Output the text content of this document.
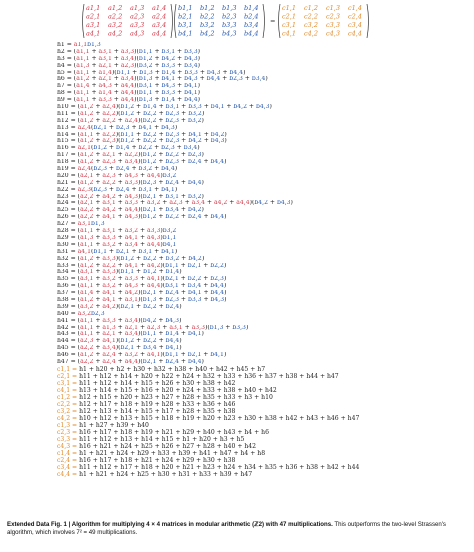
a1,1 a1,2 a1,3 a1,4
a2,1 a2,2 a2,3 a2,4
a3,1 a3,2 a3,3 a3,4
a4,1 a4,2 a4,3 a4,4
b1,1 b1,2 b1,3 b1,4
b2,1 b2,2 b2,3 b2,4
b3,1 b3,2 b3,3 b3,4
b4,1 b4,2 b4,3 b4,4
c1,1 c1,2 c1,3 c1,4
c2,1 c2,2 c2,3 c2,4
c3,1 c3,2 c3,3 c3,4
c4,1 c4,2 c4,3 c4,4
=
h1 = a1,1b1,3
h2 = (a1,1 + a3,1 + a3,3)(b1,1 + b3,1 + b3,3)
h3 = (a1,1 + a3,1 + a3,4)(b1,2 + b4,2 + b4,3)
h4 = (a1,3 + a2,1 + a2,3)(b3,2 + b3,3 + b3,4)
h5 = (a1,1 + a1,4)(b1,1 + b1,3 + b1,4 + b3,3 + b4,3 + b4,4)
h6 = (a1,2 + a2,1 + a3,4)(b1,3 + b4,1 + b4,3 + b4,4 + b2,3 + b3,4)
h7 = (a1,4 + a4,3 + a4,4)(b3,1 + b4,3 + b4,1)
h8 = (a1,1 + a1,4 + a4,4)(b1,1 + b3,3 + b4,1)
h9 = (a1,1 + a3,3 + a4,4)(b1,3 + b1,4 + b4,4)
h10 = (a1,2 + a2,4)(b1,2 + b1,4 + b3,1 + b3,3 + b4,1 + b4,2 + b4,3)
h11 = (a1,2 + a2,2)(b1,2 + b2,2 + b2,3 + b3,2)
h12 = (a1,2 + a2,2 + a2,4)(b2,2 + b2,3 + b3,2)
h13 = a2,4(b2,1 + b2,3 + b4,1 + b4,3)
h14 = (a1,1 + a2,2)(b1,1 + b2,2 + b2,3 + b4,1 + b4,2)
h15 = (a1,2 + a2,3)(b1,2 + b2,2 + b2,3 + b4,2 + b4,3)
h16 = a2,1(b1,2 + b1,4 + b2,2 + b2,3 + b3,4)
h17 = (a1,2 + a2,1 + a2,2)(b1,2 + b2,2 + b2,3)
h18 = (a1,2 + a2,3 + a3,4)(b1,2 + b2,3 + b2,4 + b4,4)
h19 = a2,4(b2,3 + b2,4 + b3,2 + b4,4)
h20 = (a2,1 + a2,3 + a4,3 + a4,4)b3,2
h21 = (a1,2 + a2,2 + a3,3)(b2,3 + b2,4 + b4,4)
h22 = a2,3(b2,3 + b2,4 + b3,1 + b4,1)
h23 = (a2,2 + a4,2 + a4,3)(b2,1 + b3,1 + b3,2)
h24 = (a2,1 + a3,1 + a3,3 + a3,2 + a2,3 + a3,4 + a4,2 + a4,4)(b4,2 + b4,3)
h25 = (a2,2 + a4,2 + a4,4)(b2,1 + b3,4 + b4,2)
h26 = (a2,2 + a4,1 + a4,3)(b1,2 + b2,2 + b2,4 + b4,4)
h27 = a3,1b1,3
h28 = (a1,1 + a3,1 + a3,2 + a3,3)b3,2
h29 = (a1,3 + a3,3 + a4,1 + a4,3)b1,1
h30 = (a1,1 + a3,2 + a3,4 + a4,4)b4,1
h31 = a4,1(b1,1 + b2,1 + b3,1 + b4,1)
h32 = (a1,2 + a3,3)(b1,2 + b2,2 + b3,2 + b4,2)
h33 = (a1,2 + a2,2 + a4,1 + a4,2)(b1,1 + b2,1 + b2,2)
h34 = (a3,1 + a3,3)(b1,1 + b1,2 + b1,4)
h35 = (a3,1 + a3,2 + a3,3 + a4,1)(b2,1 + b2,2 + b2,3)
h36 = (a1,1 + a3,2 + a4,3 + a4,4)(b3,1 + b3,4 + b4,4)
h37 = (a1,4 + a4,1 + a4,2)(b2,1 + b2,4 + b4,1 + b4,4)
h38 = (a1,2 + a4,1 + a3,1)(b1,3 + b2,3 + b3,3 + b4,3)
h39 = (a3,2 + a4,2)(b2,1 + b2,2 + b2,4)
h40 = a3,2b2,3
h41 = (a1,1 + a3,3 + a3,4)(b4,2 + b4,3)
h42 = (a1,1 + a1,3 + a2,1 + a2,3 + a3,1 + a3,3)(b1,3 + b3,3)
h43 = (a1,1 + a2,1 + a3,4)(b1,1 + b1,4 + b4,1)
h44 = (a2,3 + a4,1)(b1,2 + b2,2 + b4,4)
h45 = (a2,2 + a3,4)(b2,1 + b3,4 + b4,1)
h46 = (a1,2 + a2,4 + a3,2 + a4,1)(b1,1 + b2,1 + b4,1)
h47 = (a2,2 + a2,4 + a4,4)(b2,1 + b2,4 + b4,4)
c1,1 = h1 + h20 + h2 + h30 + h32 + h38 + h40 + h42 + h45 + h7
c2,1 = h11 + h12 + h14 + h20 + h22 + h24 + h32 + h33 + h36 + h37 + h38 + h44 + h47
c3,1 = h11 + h12 + h14 + h15 + h26 + h30 + h38 + h42
c4,1 = h13 + h14 + h15 + h16 + h20 + h24 + h33 + h38 + h40 + h42
c1,2 = h12 + h15 + h20 + h23 + h27 + h28 + h35 + h33 + h3 + h10
c2,2 = h12 + h17 + h18 + h19 + h28 + h33 + h36 + h46
c3,2 = h12 + h13 + h14 + h15 + h17 + h28 + h35 + h38
c4,2 = h10 + h12 + h13 + h15 + h18 + h19 + h20 + h23 + h30 + h38 + h42 + h43 + h46 + h47
c1,3 = h1 + h27 + h39 + h40
c2,3 = h16 + h17 + h18 + h19 + h21 + h29 + h40 + h43 + h4 + h6
c3,3 = h11 + h12 + h13 + h14 + h15 + h1 + h20 + h3 + h5
c4,3 = h16 + h21 + h24 + h25 + h26 + h27 + h28 + h40 + h42
c1,4 = h1 + h21 + h24 + h29 + h33 + h39 + h41 + h47 + h4 + h8
c2,4 = h16 + h17 + h18 + h21 + h24 + h29 + h30 + h38
c3,4 = h11 + h12 + h17 + h18 + h20 + h21 + h23 + h24 + h34 + h35 + h36 + h38 + h42 + h44
c4,4 = h1 + h21 + h24 + h25 + h30 + h31 + h33 + h39 + h47
Extended Data Fig. 1 | Algorithm for multiplying 4 × 4 matrices in modular arithmetic (ℤ2) with 47 multiplications. This outperforms the two-level Strassen's algorithm, which involves 7² = 49 multiplications.
